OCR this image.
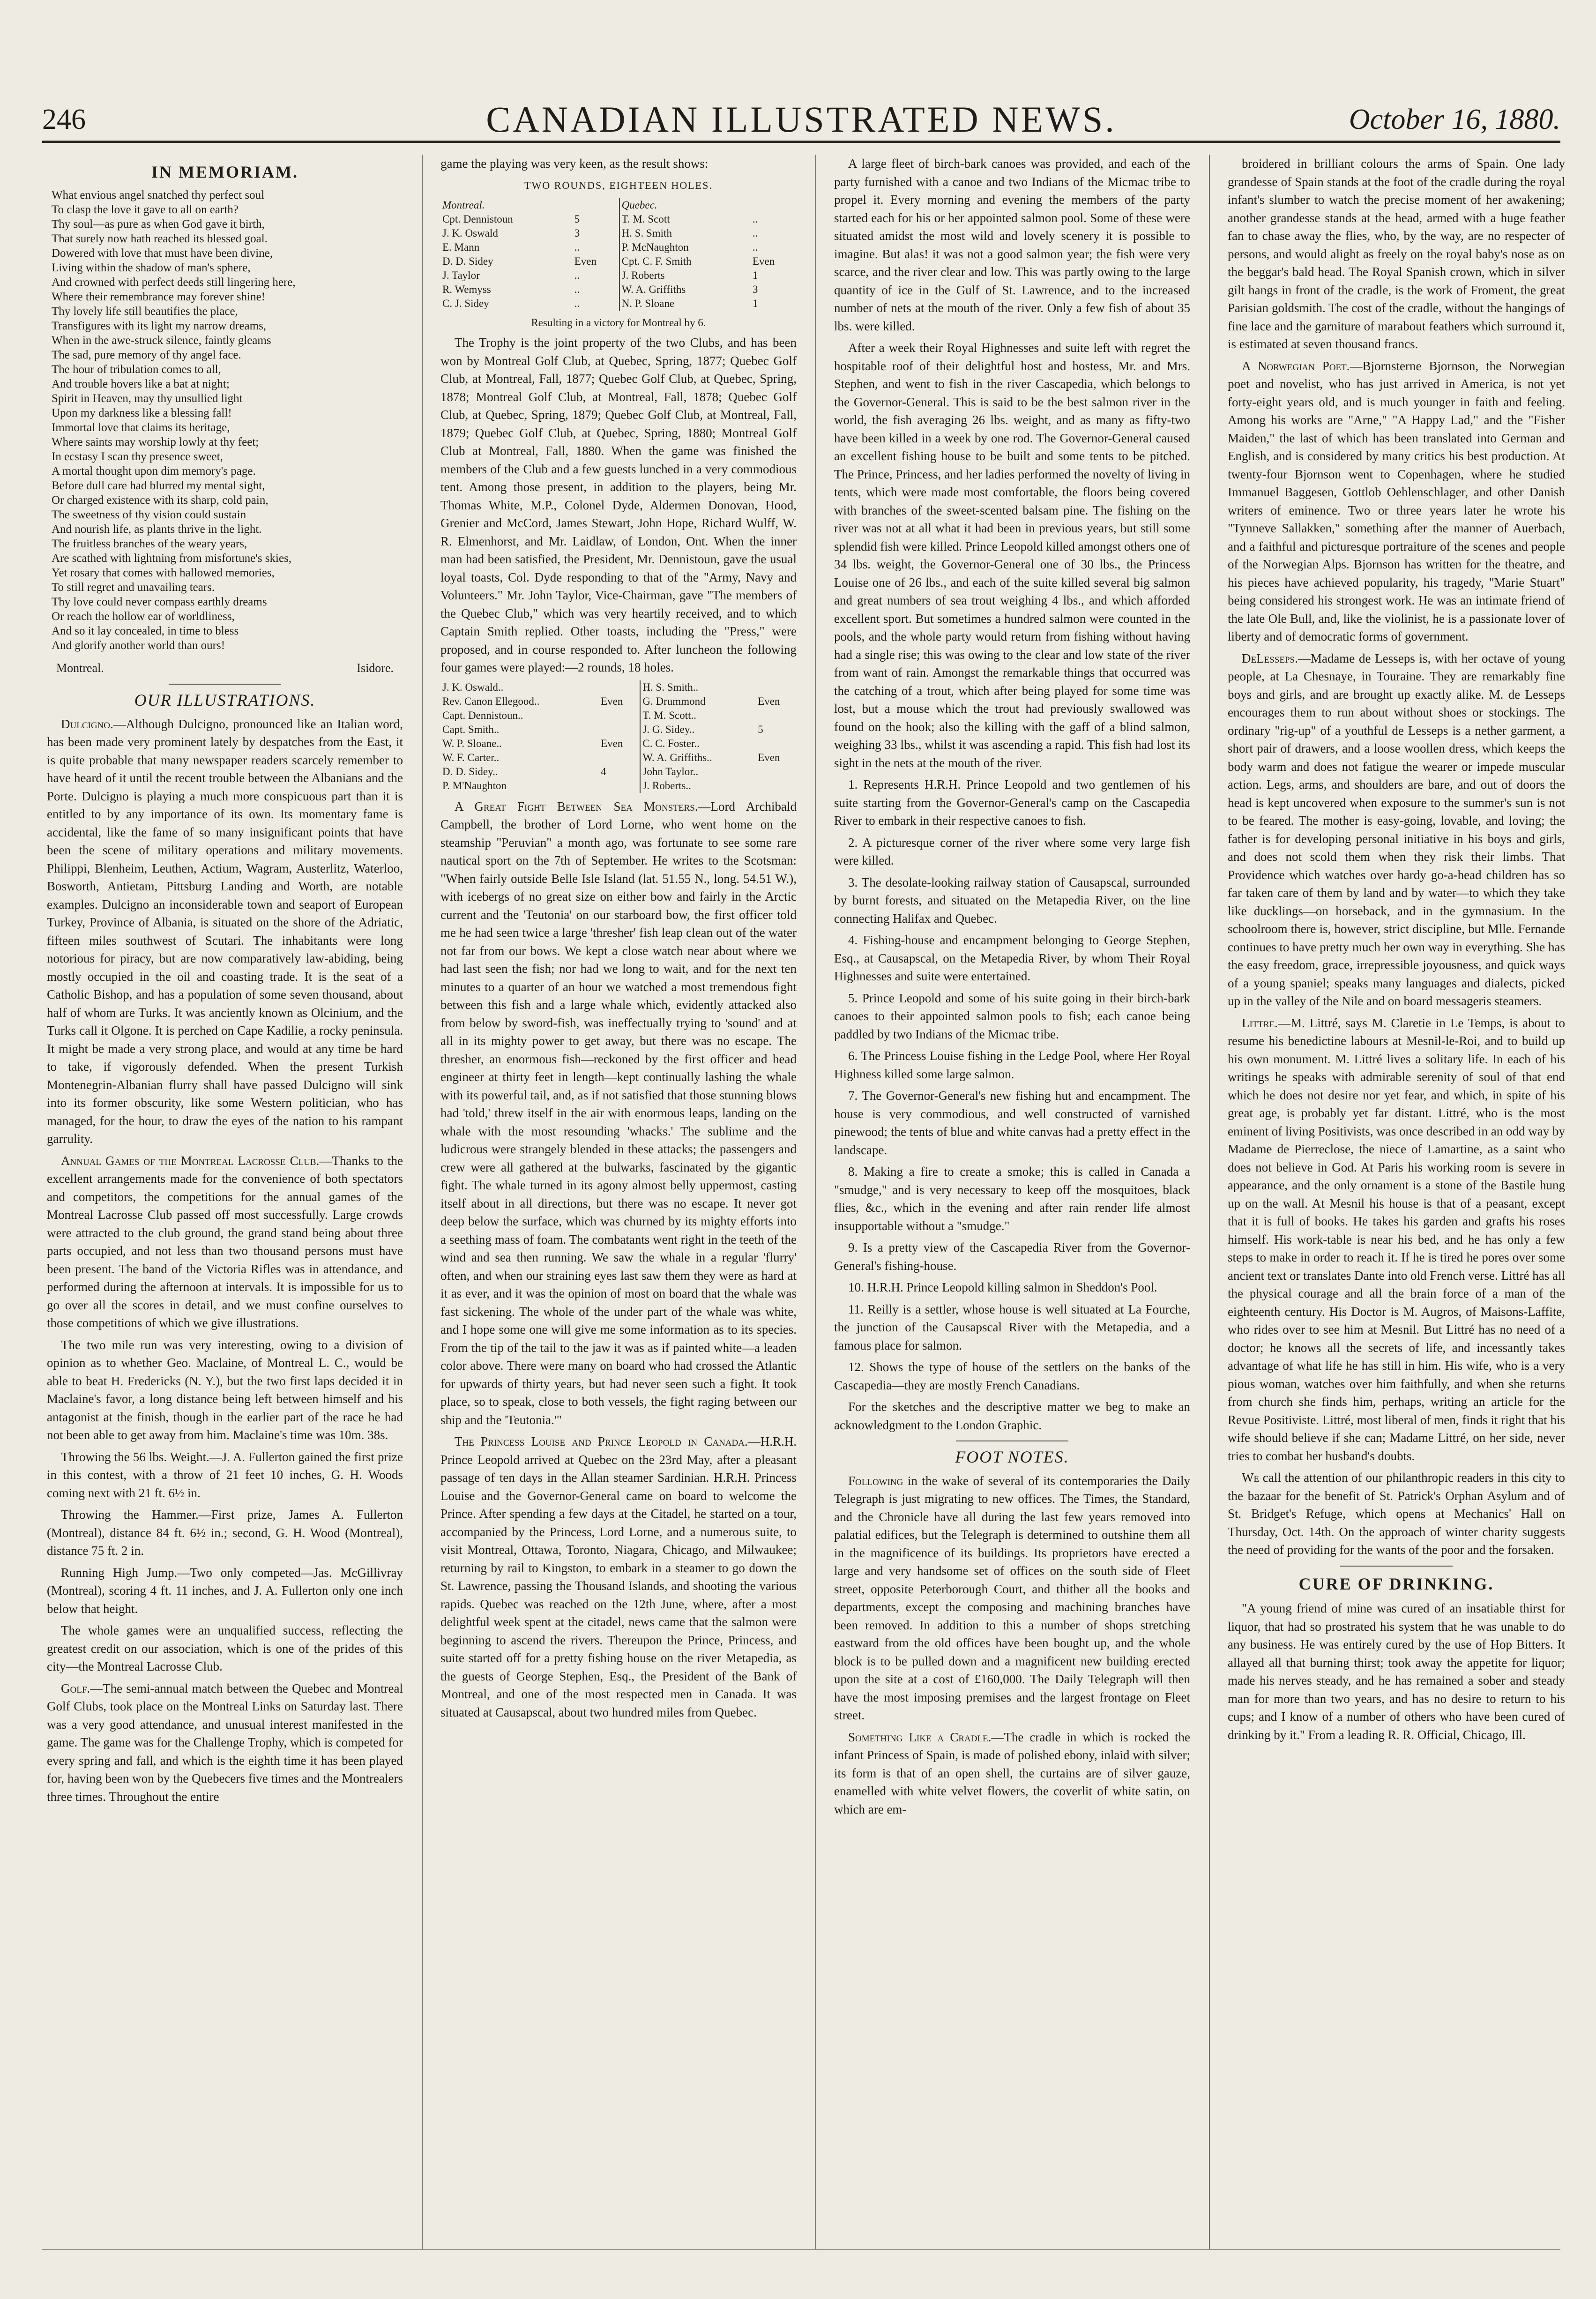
246	CANADIAN ILLUSTRATED NEWS.	October 16, 1880.
IN MEMORIAM.
What envious angel snatched thy perfect soul
To clasp the love it gave to all on earth?
Thy soul—as pure as when God gave it birth,
That surely now hath reached its blessed goal.
Dowered with love that must have been divine,
Living within the shadow of man's sphere,
And crowned with perfect deeds still lingering here,
Where their remembrance may forever shine!
Thy lovely life still beautifies the place,
Transfigures with its light my narrow dreams,
When in the awe-struck silence, faintly gleams
The sad, pure memory of thy angel face.
The hour of tribulation comes to all,
And trouble hovers like a bat at night;
Spirit in Heaven, may thy unsullied light
Upon my darkness like a blessing fall!
Immortal love that claims its heritage,
Where saints may worship lowly at thy feet;
In ecstasy I scan thy presence sweet,
A mortal thought upon dim memory's page.
Before dull care had blurred my mental sight,
Or charged existence with its sharp, cold pain,
The sweetness of thy vision could sustain
And nourish life, as plants thrive in the light.
The fruitless branches of the weary years,
Are scathed with lightning from misfortune's skies,
Yet rosary that comes with hallowed memories,
To still regret and unavailing tears.
Thy love could never compass earthly dreams
Or reach the hollow ear of worldliness,
And so it lay concealed, in time to bless
And glorify another world than ours!
Montreal.	Isidore.
OUR ILLUSTRATIONS.

Dulcigno.—Although Dulcigno, pronounced like an Italian word, has been made very prominent lately by despatches from the East, it is quite probable that many newspaper readers scarcely remember to have heard of it until the recent trouble between the Albanians and the Porte. Dulcigno is playing a much more conspicuous part than it is entitled to by any importance of its own. Its momentary fame is accidental, like the fame of so many insignificant points that have been the scene of military operations and military movements. Philippi, Blenheim, Leuthen, Actium, Wagram, Austerlitz, Waterloo, Bosworth, Antietam, Pittsburg Landing and Worth, are notable examples. Dulcigno an inconsiderable town and seaport of European Turkey, Province of Albania, is situated on the shore of the Adriatic, fifteen miles southwest of Scutari. The inhabitants were long notorious for piracy, but are now comparatively law-abiding, being mostly occupied in the oil and coasting trade. It is the seat of a Catholic Bishop, and has a population of some seven thousand, about half of whom are Turks. It was anciently known as Olcinium, and the Turks call it Olgone. It is perched on Cape Kadilie, a rocky peninsula. It might be made a very strong place, and would at any time be hard to take, if vigorously defended. When the present Turkish Montenegrin-Albanian flurry shall have passed Dulcigno will sink into its former obscurity, like some Western politician, who has managed, for the hour, to draw the eyes of the nation to his rampant garrulity.

Annual Games of the Montreal Lacrosse Club.—Thanks to the excellent arrangements made for the convenience of both spectators and competitors, the competitions for the annual games of the Montreal Lacrosse Club passed off most successfully. Large crowds were attracted to the club ground, the grand stand being about three parts occupied, and not less than two thousand persons must have been present. The band of the Victoria Rifles was in attendance, and performed during the afternoon at intervals. It is impossible for us to go over all the scores in detail, and we must confine ourselves to those competitions of which we give illustrations.

The two mile run was very interesting, owing to a division of opinion as to whether Geo. Maclaine, of Montreal L. C., would be able to beat H. Fredericks (N. Y.), but the two first laps decided it in Maclaine's favor, a long distance being left between himself and his antagonist at the finish, though in the earlier part of the race he had not been able to get away from him. Maclaine's time was 10m. 38s.

Throwing the 56 lbs. Weight.—J. A. Fullerton gained the first prize in this contest, with a throw of 21 feet 10 inches, G. H. Woods coming next with 21 ft. 6½ in.

Throwing the Hammer.—First prize, James A. Fullerton (Montreal), distance 84 ft. 6½ in.; second, G. H. Wood (Montreal), distance 75 ft. 2 in.

Running High Jump.—Two only competed—Jas. McGillivray (Montreal), scoring 4 ft. 11 inches, and J. A. Fullerton only one inch below that height.

The whole games were an unqualified success, reflecting the greatest credit on our association, which is one of the prides of this city—the Montreal Lacrosse Club.

Golf.—The semi-annual match between the Quebec and Montreal Golf Clubs, took place on the Montreal Links on Saturday last. There was a very good attendance, and unusual interest manifested in the game. The game was for the Challenge Trophy, which is competed for every spring and fall, and which is the eighth time it has been played for, having been won by the Quebecers five times and the Montrealers three times. Throughout the entire

game the playing was very keen, as the result shows:

TWO ROUNDS, EIGHTEEN HOLES.
Montreal.		Quebec.	
Cpt. Dennistoun	5	T. M. Scott	..
J. K. Oswald	3	H. S. Smith	..
E. Mann	..	P. McNaughton	..
D. D. Sidey	Even	Cpt. C. F. Smith	Even
J. Taylor	..	J. Roberts	1
R. Wemyss	..	W. A. Griffiths	3
C. J. Sidey	..	N. P. Sloane	1

Resulting in a victory for Montreal by 6.

The Trophy is the joint property of the two Clubs, and has been won by Montreal Golf Club, at Quebec, Spring, 1877; Quebec Golf Club, at Montreal, Fall, 1877; Quebec Golf Club, at Quebec, Spring, 1878; Montreal Golf Club, at Montreal, Fall, 1878; Quebec Golf Club, at Quebec, Spring, 1879; Quebec Golf Club, at Montreal, Fall, 1879; Quebec Golf Club, at Quebec, Spring, 1880; Montreal Golf Club at Montreal, Fall, 1880. When the game was finished the members of the Club and a few guests lunched in a very commodious tent. Among those present, in addition to the players, being Mr. Thomas White, M.P., Colonel Dyde, Aldermen Donovan, Hood, Grenier and McCord, James Stewart, John Hope, Richard Wulff, W. R. Elmenhorst, and Mr. Laidlaw, of London, Ont. When the inner man had been satisfied, the President, Mr. Dennistoun, gave the usual loyal toasts, Col. Dyde responding to that of the "Army, Navy and Volunteers." Mr. John Taylor, Vice-Chairman, gave "The members of the Quebec Club," which was very heartily received, and to which Captain Smith replied. Other toasts, including the "Press," were proposed, and in course responded to. After luncheon the following four games were played:—2 rounds, 18 holes.

J. K. Oswald..		H. S. Smith..	
Rev. Canon Ellegood..	Even	G. Drummond	Even
Capt. Dennistoun..		T. M. Scott..	
Capt. Smith..		J. G. Sidey..	5
W. P. Sloane..	Even	C. C. Foster..	
W. F. Carter..		W. A. Griffiths..	Even
D. D. Sidey..	4	John Taylor..	
P. M'Naughton		J. Roberts..	

A Great Fight Between Sea Monsters.—Lord Archibald Campbell, the brother of Lord Lorne, who went home on the steamship "Peruvian" a month ago, was fortunate to see some rare nautical sport on the 7th of September. He writes to the Scotsman: "When fairly outside Belle Isle Island (lat. 51.55 N., long. 54.51 W.), with icebergs of no great size on either bow and fairly in the Arctic current and the 'Teutonia' on our starboard bow, the first officer told me he had seen twice a large 'thresher' fish leap clean out of the water not far from our bows. We kept a close watch near about where we had last seen the fish; nor had we long to wait, and for the next ten minutes to a quarter of an hour we watched a most tremendous fight between this fish and a large whale which, evidently attacked also from below by sword-fish, was ineffectually trying to 'sound' and at all in its mighty power to get away, but there was no escape. The thresher, an enormous fish—reckoned by the first officer and head engineer at thirty feet in length—kept continually lashing the whale with its powerful tail, and, as if not satisfied that those stunning blows had 'told,' threw itself in the air with enormous leaps, landing on the whale with the most resounding 'whacks.' The sublime and the ludicrous were strangely blended in these attacks; the passengers and crew were all gathered at the bulwarks, fascinated by the gigantic fight. The whale turned in its agony almost belly uppermost, casting itself about in all directions, but there was no escape. It never got deep below the surface, which was churned by its mighty efforts into a seething mass of foam. The combatants went right in the teeth of the wind and sea then running. We saw the whale in a regular 'flurry' often, and when our straining eyes last saw them they were as hard at it as ever, and it was the opinion of most on board that the whale was fast sickening. The whole of the under part of the whale was white, and I hope some one will give me some information as to its species. From the tip of the tail to the jaw it was as if painted white—a leaden color above. There were many on board who had crossed the Atlantic for upwards of thirty years, but had never seen such a fight. It took place, so to speak, close to both vessels, the fight raging between our ship and the 'Teutonia.'"

The Princess Louise and Prince Leopold in Canada.—H.R.H. Prince Leopold arrived at Quebec on the 23rd May, after a pleasant passage of ten days in the Allan steamer Sardinian. H.R.H. Princess Louise and the Governor-General came on board to welcome the Prince. After spending a few days at the Citadel, he started on a tour, accompanied by the Princess, Lord Lorne, and a numerous suite, to visit Montreal, Ottawa, Toronto, Niagara, Chicago, and Milwaukee; returning by rail to Kingston, to embark in a steamer to go down the St. Lawrence, passing the Thousand Islands, and shooting the various rapids. Quebec was reached on the 12th June, where, after a most delightful week spent at the citadel, news came that the salmon were beginning to ascend the rivers. Thereupon the Prince, Princess, and suite started off for a pretty fishing house on the river Metapedia, as the guests of George Stephen, Esq., the President of the Bank of Montreal, and one of the most respected men in Canada. It was situated at Causapscal, about two hundred miles from Quebec.

A large fleet of birch-bark canoes was provided, and each of the party furnished with a canoe and two Indians of the Micmac tribe to propel it. Every morning and evening the members of the party started each for his or her appointed salmon pool. Some of these were situated amidst the most wild and lovely scenery it is possible to imagine. But alas! it was not a good salmon year; the fish were very scarce, and the river clear and low. This was partly owing to the large quantity of ice in the Gulf of St. Lawrence, and to the increased number of nets at the mouth of the river. Only a few fish of about 35 lbs. were killed.

After a week their Royal Highnesses and suite left with regret the hospitable roof of their delightful host and hostess, Mr. and Mrs. Stephen, and went to fish in the river Cascapedia, which belongs to the Governor-General. This is said to be the best salmon river in the world, the fish averaging 26 lbs. weight, and as many as fifty-two have been killed in a week by one rod. The Governor-General caused an excellent fishing house to be built and some tents to be pitched. The Prince, Princess, and her ladies performed the novelty of living in tents, which were made most comfortable, the floors being covered with branches of the sweet-scented balsam pine. The fishing on the river was not at all what it had been in previous years, but still some splendid fish were killed. Prince Leopold killed amongst others one of 34 lbs. weight, the Governor-General one of 30 lbs., the Princess Louise one of 26 lbs., and each of the suite killed several big salmon and great numbers of sea trout weighing 4 lbs., and which afforded excellent sport. But sometimes a hundred salmon were counted in the pools, and the whole party would return from fishing without having had a single rise; this was owing to the clear and low state of the river from want of rain. Amongst the remarkable things that occurred was the catching of a trout, which after being played for some time was lost, but a mouse which the trout had previously swallowed was found on the hook; also the killing with the gaff of a blind salmon, weighing 33 lbs., whilst it was ascending a rapid. This fish had lost its sight in the nets at the mouth of the river.

1. Represents H.R.H. Prince Leopold and two gentlemen of his suite starting from the Governor-General's camp on the Cascapedia River to embark in their respective canoes to fish.

2. A picturesque corner of the river where some very large fish were killed.

3. The desolate-looking railway station of Causapscal, surrounded by burnt forests, and situated on the Metapedia River, on the line connecting Halifax and Quebec.

4. Fishing-house and encampment belonging to George Stephen, Esq., at Causapscal, on the Metapedia River, by whom Their Royal Highnesses and suite were entertained.

5. Prince Leopold and some of his suite going in their birch-bark canoes to their appointed salmon pools to fish; each canoe being paddled by two Indians of the Micmac tribe.

6. The Princess Louise fishing in the Ledge Pool, where Her Royal Highness killed some large salmon.

7. The Governor-General's new fishing hut and encampment. The house is very commodious, and well constructed of varnished pinewood; the tents of blue and white canvas had a pretty effect in the landscape.

8. Making a fire to create a smoke; this is called in Canada a "smudge," and is very necessary to keep off the mosquitoes, black flies, &c., which in the evening and after rain render life almost insupportable without a "smudge."

9. Is a pretty view of the Cascapedia River from the Governor-General's fishing-house.

10. H.R.H. Prince Leopold killing salmon in Sheddon's Pool.

11. Reilly is a settler, whose house is well situated at La Fourche, the junction of the Causapscal River with the Metapedia, and a famous place for salmon.

12. Shows the type of house of the settlers on the banks of the Cascapedia—they are mostly French Canadians.

For the sketches and the descriptive matter we beg to make an acknowledgment to the London Graphic.

FOOT NOTES.

Following in the wake of several of its contemporaries the Daily Telegraph is just migrating to new offices. The Times, the Standard, and the Chronicle have all during the last few years removed into palatial edifices, but the Telegraph is determined to outshine them all in the magnificence of its buildings. Its proprietors have erected a large and very handsome set of offices on the south side of Fleet street, opposite Peterborough Court, and thither all the books and departments, except the composing and machining branches have been removed. In addition to this a number of shops stretching eastward from the old offices have been bought up, and the whole block is to be pulled down and a magnificent new building erected upon the site at a cost of £160,000. The Daily Telegraph will then have the most imposing premises and the largest frontage on Fleet street.

Something Like a Cradle.—The cradle in which is rocked the infant Princess of Spain, is made of polished ebony, inlaid with silver; its form is that of an open shell, the curtains are of silver gauze, enamelled with white velvet flowers, the coverlit of white satin, on which are em-

broidered in brilliant colours the arms of Spain. One lady grandesse of Spain stands at the foot of the cradle during the royal infant's slumber to watch the precise moment of her awakening; another grandesse stands at the head, armed with a huge feather fan to chase away the flies, who, by the way, are no respecter of persons, and would alight as freely on the royal baby's nose as on the beggar's bald head. The Royal Spanish crown, which in silver gilt hangs in front of the cradle, is the work of Froment, the great Parisian goldsmith. The cost of the cradle, without the hangings of fine lace and the garniture of marabout feathers which surround it, is estimated at seven thousand francs.

A Norwegian Poet.—Bjornsterne Bjornson, the Norwegian poet and novelist, who has just arrived in America, is not yet forty-eight years old, and is much younger in faith and feeling. Among his works are "Arne," "A Happy Lad," and the "Fisher Maiden," the last of which has been translated into German and English, and is considered by many critics his best production. At twenty-four Bjornson went to Copenhagen, where he studied Immanuel Baggesen, Gottlob Oehlenschlager, and other Danish writers of eminence. Two or three years later he wrote his "Tynneve Sallakken," something after the manner of Auerbach, and a faithful and picturesque portraiture of the scenes and people of the Norwegian Alps. Bjornson has written for the theatre, and his pieces have achieved popularity, his tragedy, "Marie Stuart" being considered his strongest work. He was an intimate friend of the late Ole Bull, and, like the violinist, he is a passionate lover of liberty and of democratic forms of government.

DeLesseps.—Madame de Lesseps is, with her octave of young people, at La Chesnaye, in Touraine. They are remarkably fine boys and girls, and are brought up exactly alike. M. de Lesseps encourages them to run about without shoes or stockings. The ordinary "rig-up" of a youthful de Lesseps is a nether garment, a short pair of drawers, and a loose woollen dress, which keeps the body warm and does not fatigue the wearer or impede muscular action. Legs, arms, and shoulders are bare, and out of doors the head is kept uncovered when exposure to the summer's sun is not to be feared. The mother is easy-going, lovable, and loving; the father is for developing personal initiative in his boys and girls, and does not scold them when they risk their limbs. That Providence which watches over hardy go-a-head children has so far taken care of them by land and by water—to which they take like ducklings—on horseback, and in the gymnasium. In the schoolroom there is, however, strict discipline, but Mlle. Fernande continues to have pretty much her own way in everything. She has the easy freedom, grace, irrepressible joyousness, and quick ways of a young spaniel; speaks many languages and dialects, picked up in the valley of the Nile and on board messageris steamers.

Littre.—M. Littré, says M. Claretie in Le Temps, is about to resume his benedictine labours at Mesnil-le-Roi, and to build up his own monument. M. Littré lives a solitary life. In each of his writings he speaks with admirable serenity of soul of that end which he does not desire nor yet fear, and which, in spite of his great age, is probably yet far distant. Littré, who is the most eminent of living Positivists, was once described in an odd way by Madame de Pierreclose, the niece of Lamartine, as a saint who does not believe in God. At Paris his working room is severe in appearance, and the only ornament is a stone of the Bastile hung up on the wall. At Mesnil his house is that of a peasant, except that it is full of books. He takes his garden and grafts his roses himself. His work-table is near his bed, and he has only a few steps to make in order to reach it. If he is tired he pores over some ancient text or translates Dante into old French verse. Littré has all the physical courage and all the brain force of a man of the eighteenth century. His Doctor is M. Augros, of Maisons-Laffite, who rides over to see him at Mesnil. But Littré has no need of a doctor; he knows all the secrets of life, and incessantly takes advantage of what life he has still in him. His wife, who is a very pious woman, watches over him faithfully, and when she returns from church she finds him, perhaps, writing an article for the Revue Positiviste. Littré, most liberal of men, finds it right that his wife should believe if she can; Madame Littré, on her side, never tries to combat her husband's doubts.

We call the attention of our philanthropic readers in this city to the bazaar for the benefit of St. Patrick's Orphan Asylum and of St. Bridget's Refuge, which opens at Mechanics' Hall on Thursday, Oct. 14th. On the approach of winter charity suggests the need of providing for the wants of the poor and the forsaken.

CURE OF DRINKING.

"A young friend of mine was cured of an insatiable thirst for liquor, that had so prostrated his system that he was unable to do any business. He was entirely cured by the use of Hop Bitters. It allayed all that burning thirst; took away the appetite for liquor; made his nerves steady, and he has remained a sober and steady man for more than two years, and has no desire to return to his cups; and I know of a number of others who have been cured of drinking by it." From a leading R. R. Official, Chicago, Ill.
